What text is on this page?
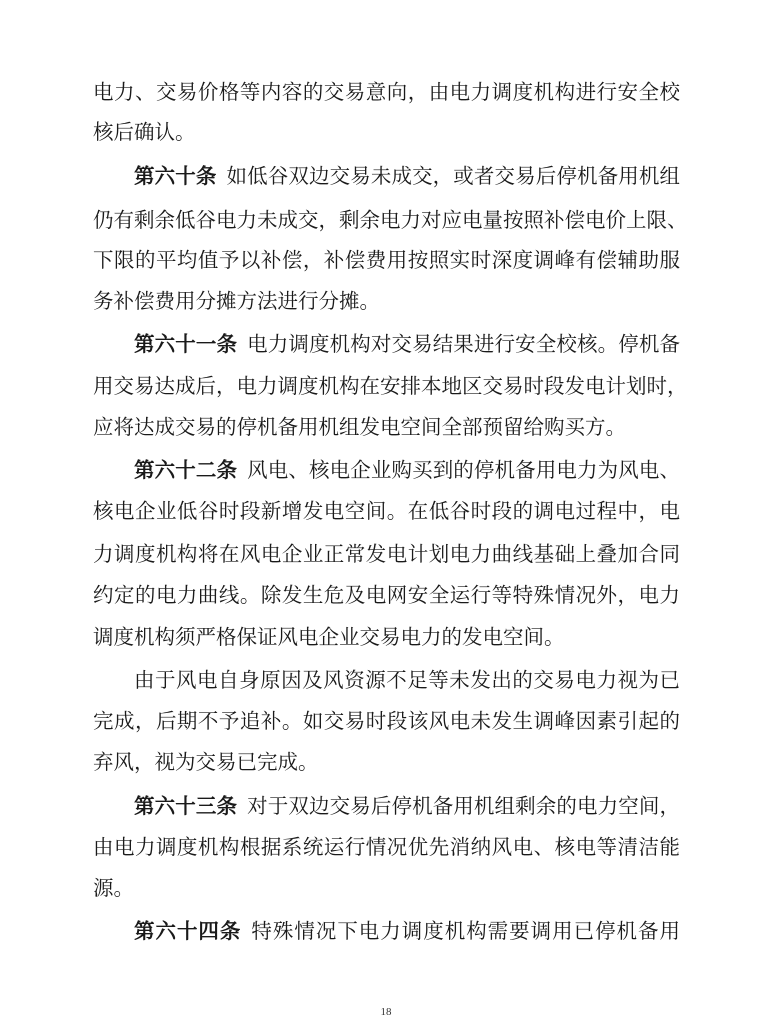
电力、交易价格等内容的交易意向，由电力调度机构进行安全校
核后确认。
第六十条 如低谷双边交易未成交，或者交易后停机备用机组
仍有剩余低谷电力未成交，剩余电力对应电量按照补偿电价上限、
下限的平均值予以补偿，补偿费用按照实时深度调峰有偿辅助服
务补偿费用分摊方法进行分摊。
第六十一条 电力调度机构对交易结果进行安全校核。停机备
用交易达成后，电力调度机构在安排本地区交易时段发电计划时，
应将达成交易的停机备用机组发电空间全部预留给购买方。
第六十二条 风电、核电企业购买到的停机备用电力为风电、
核电企业低谷时段新增发电空间。在低谷时段的调电过程中，电
力调度机构将在风电企业正常发电计划电力曲线基础上叠加合同
约定的电力曲线。除发生危及电网安全运行等特殊情况外，电力
调度机构须严格保证风电企业交易电力的发电空间。
由于风电自身原因及风资源不足等未发出的交易电力视为已
完成，后期不予追补。如交易时段该风电未发生调峰因素引起的
弃风，视为交易已完成。
第六十三条 对于双边交易后停机备用机组剩余的电力空间，
由电力调度机构根据系统运行情况优先消纳风电、核电等清洁能
源。
第六十四条 特殊情况下电力调度机构需要调用已停机备用
18
